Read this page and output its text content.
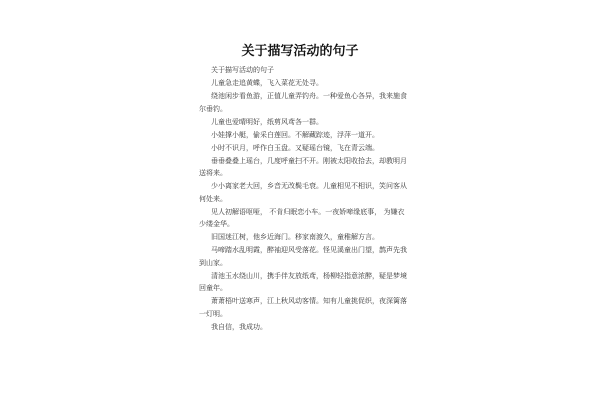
关于描写活动的句子

关于描写活动的句子

儿童急走追黄蝶，飞入菜花无处寻。

绕池闲步看鱼游，正值儿童弄钓舟。一种爱鱼心各异，我来施食尔垂钓。

儿童也爱晴明好，纸剪风鸢各一群。

小娃撑小艇，偷采白莲回。不解藏踪迹，浮萍一道开。

小时不识月，呼作白玉盘。又疑瑶台镜，飞在青云端。

垂垂叠叠上瑶台，几度呼童扫不开。刚被太阳收拾去，却教明月送将来。

少小离家老大回，乡音无改鬓毛衰。儿童相见不相识，笑问客从何处来。

见人初解语呕哑， 不肯归眠恋小车。一夜娇啼缘底事， 为嫌衣少缕金华。

旧国迷江树，他乡近海门。移家南渡久，童稚解方言。

马啼踏水乱明霞，醉袖迎风受落花。怪见溪童出门望，鹊声先我到山家。

清池玉水绕山川，携手伴友放纸鸢，杨柳轻指意浓醉，疑是梦境回童年。

萧萧梧叶送寒声，江上秋风动客情。知有儿童挑促织，夜深篱落一灯明。

我自信，我成功。
